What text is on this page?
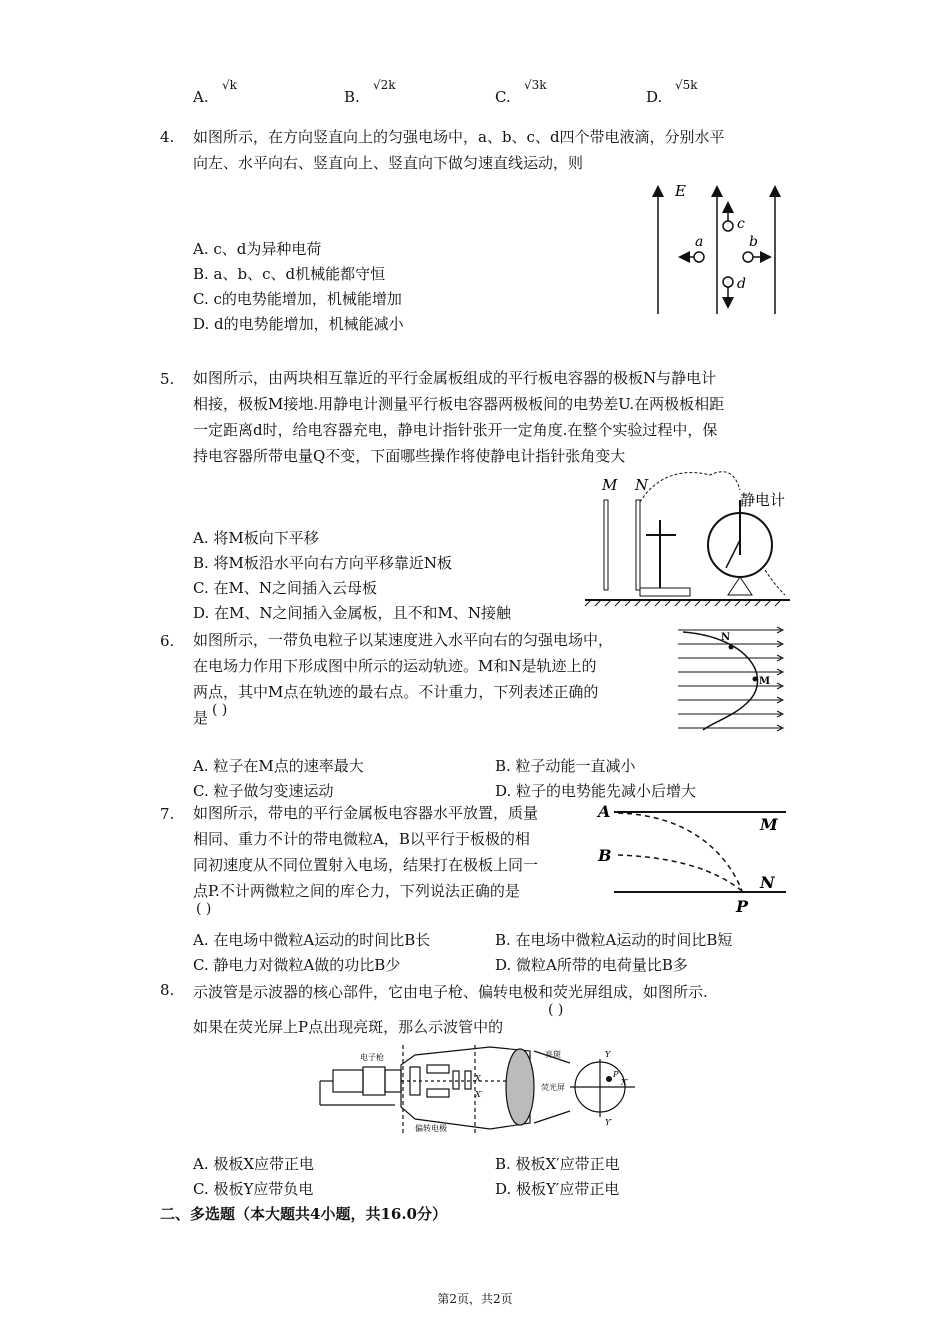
A.
√k
B.
√2k
C.
√3k
D.
√5k
4. 如图所示，在方向竖直向上的匀强电场中，a、b、c、d四个带电液滴，分别水平
向左、水平向右、竖直向上、竖直向下做匀速直线运动，则
A. c、d为异种电荷
B. a、b、c、d机械能都守恒
C. c的电势能增加，机械能增加
D. d的电势能增加，机械能减小
E
a	b
c
d
5. 如图所示，由两块相互靠近的平行金属板组成的平行板电容器的极板N与静电计
相接，极板M接地.用静电计测量平行板电容器两极板间的电势差U.在两极板相距
一定距离d时，给电容器充电，静电计指针张开一定角度.在整个实验过程中，保
持电容器所带电量Q不变，下面哪些操作将使静电计指针张角变大
A. 将M板向下平移
B. 将M板沿水平向右方向平移靠近N板
C. 在M、N之间插入云母板
D. 在M、N之间插入金属板，且不和M、N接触
M N
静电计
6. 如图所示，一带负电粒子以某速度进入水平向右的匀强电场中，
在电场力作用下形成图中所示的运动轨迹。M和N是轨迹上的
两点，其中M点在轨迹的最右点。不计重力，下列表述正确的
是 ( )
A. 粒子在M点的速率最大	B. 粒子动能一直减小
C. 粒子做匀变速运动	D. 粒子的电势能先减小后增大
N
M
7. 如图所示，带电的平行金属板电容器水平放置，质量
相同、重力不计的带电微粒A，B以平行于板极的相
同初速度从不同位置射入电场，结果打在极板上同一
点P.不计两微粒之间的库仑力，下列说法正确的是
( )
A. 在电场中微粒A运动的时间比B长	B. 在电场中微粒A运动的时间比B短
C. 静电力对微粒A做的功比B少	D. 微粒A所带的电荷量比B多
A
B
M
N
P
8. 示波管是示波器的核心部件，它由电子枪、偏转电极和荧光屏组成，如图所示.
如果在荧光屏上P点出现亮斑，那么示波管中的
( )
电子枪
偏转电极
亮斑
荧光屏
X
X′
Y
Y′
X′
P
A. 极板X应带正电	B. 极板X′应带正电
C. 极板Y应带负电	D. 极板Y′应带正电
二、多选题（本大题共4小题，共16.0分）
第2页，共2页
